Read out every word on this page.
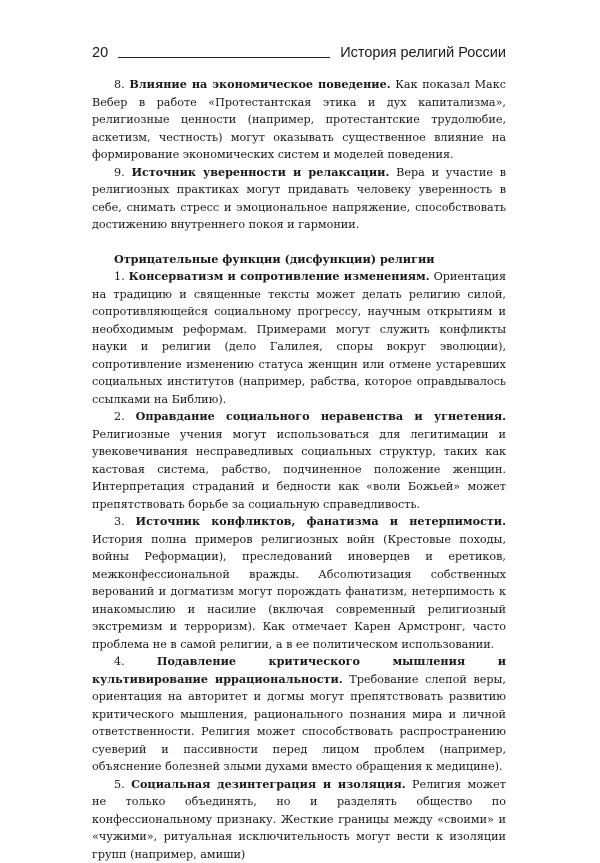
20	История религий России

8. Влияние на экономическое поведение. Как показал Макс Вебер в работе «Протестантская этика и дух капитализма», религиозные ценности (например, протестантские трудолюбие, аскетизм, честность) могут оказывать существенное влияние на формирование экономических систем и моделей поведения.

9. Источник уверенности и релаксации. Вера и участие в религиозных практиках могут придавать человеку уверенность в себе, снимать стресс и эмоциональное напряжение, способствовать достижению внутреннего покоя и гармонии.

Отрицательные функции (дисфункции) религии

1. Консерватизм и сопротивление изменениям. Ориентация на традицию и священные тексты может делать религию силой, сопротивляющейся социальному прогрессу, научным открытиям и необходимым реформам. Примерами могут служить конфликты науки и религии (дело Галилея, споры вокруг эволюции), сопротивление изменению статуса женщин или отмене устаревших социальных институтов (например, рабства, которое оправдывалось ссылками на Библию).

2. Оправдание социального неравенства и угнетения. Религиозные учения могут использоваться для легитимации и увековечивания несправедливых социальных структур, таких как кастовая система, рабство, подчиненное положение женщин. Интерпретация страданий и бедности как «воли Божьей» может препятствовать борьбе за социальную справедливость.

3. Источник конфликтов, фанатизма и нетерпимости. История полна примеров религиозных войн (Крестовые походы, войны Реформации), преследований иноверцев и еретиков, межконфессиональной вражды. Абсолютизация собственных верований и догматизм могут порождать фанатизм, нетерпимость к инакомыслию и насилие (включая современный религиозный экстремизм и терроризм). Как отмечает Карен Армстронг, часто проблема не в самой религии, а в ее политическом использовании.

4.	Подавление критического мышления и культивирование иррациональности. Требование слепой веры, ориентация на авторитет и догмы могут препятствовать развитию критического мышления, рационального познания мира и личной ответственности. Религия может способствовать распространению суеверий и пассивности перед лицом проблем (например, объяснение болезней злыми духами вместо обращения к медицине).

5. Социальная дезинтеграция и изоляция. Религия может не только объединять, но и разделять общество по конфессиональному признаку. Жесткие границы между «своими» и «чужими», ритуальная исключительность могут вести к изоляции групп (например, амиши)
